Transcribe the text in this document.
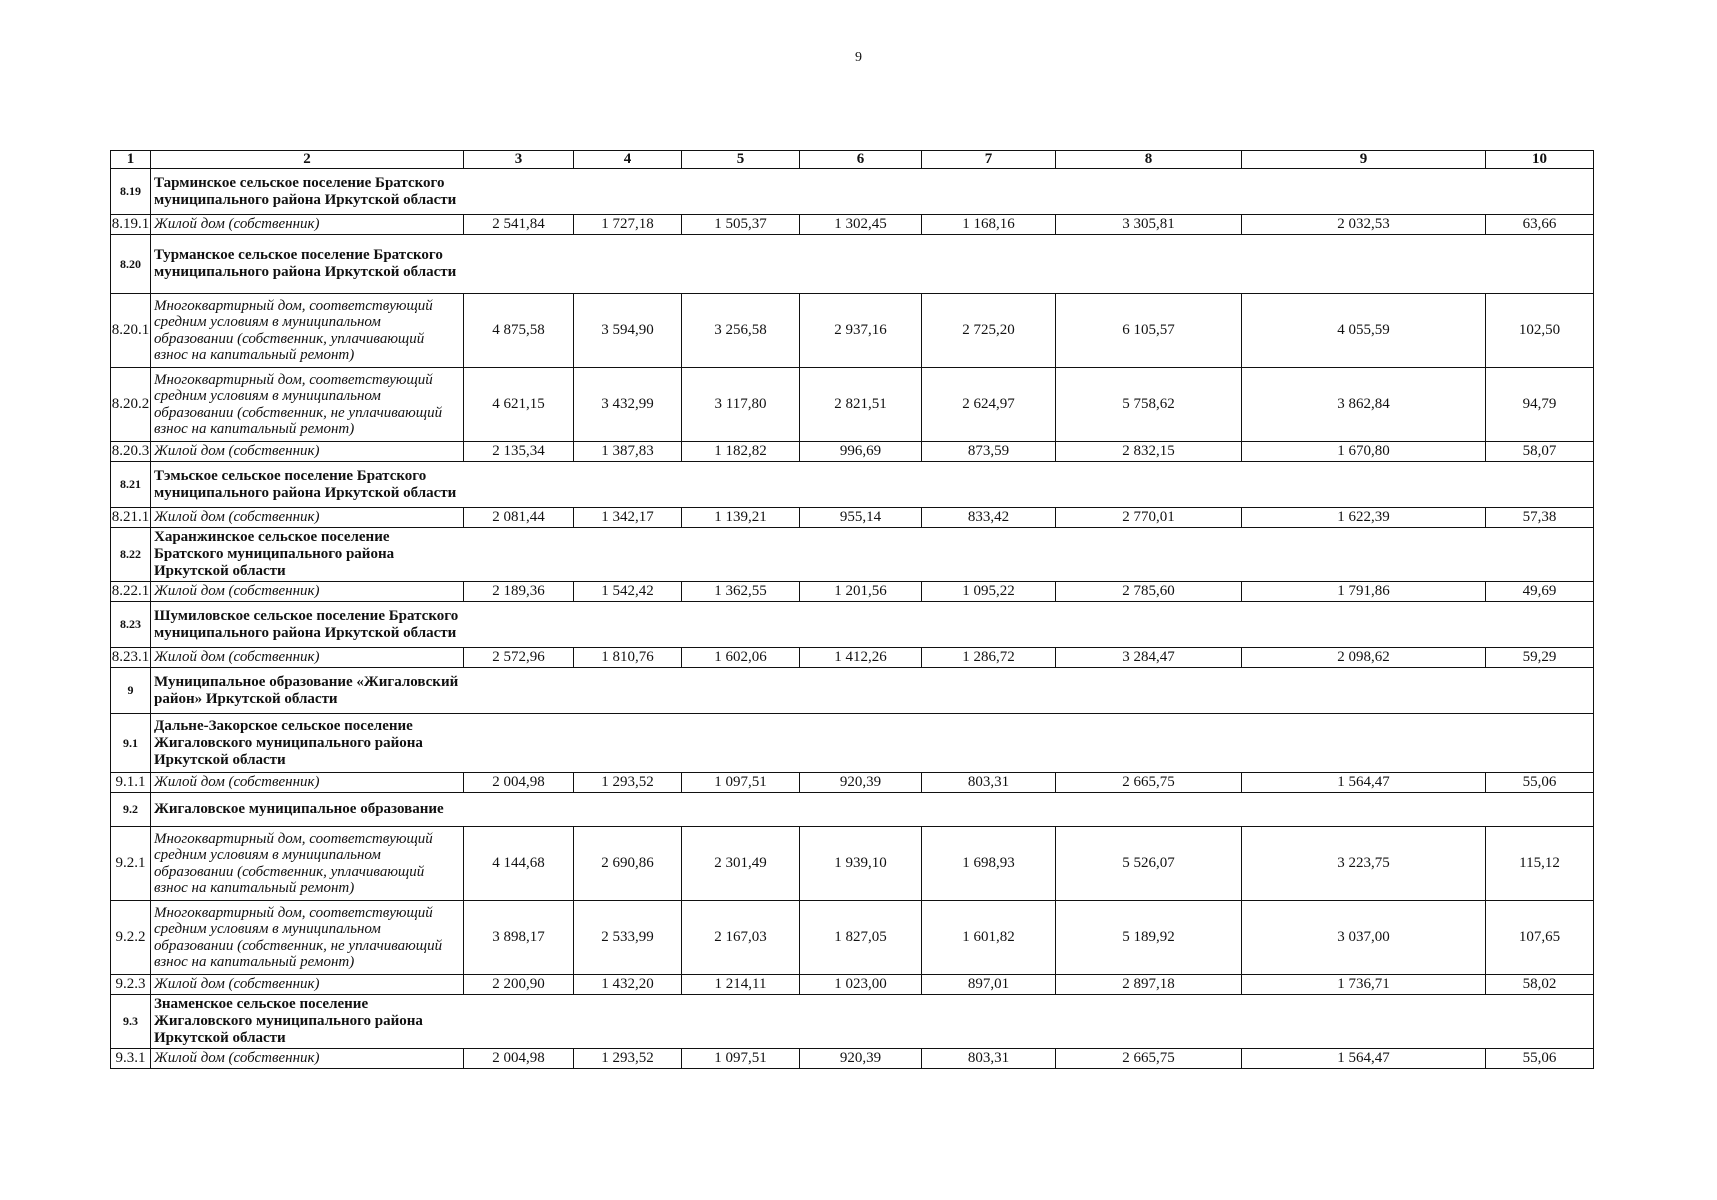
9
1	2	3	4	5	6	7	8	9	10
8.19	Тарминское сельское поселение Братского муниципального района Иркутской области								
8.19.1	Жилой дом (собственник)	2 541,84	1 727,18	1 505,37	1 302,45	1 168,16	3 305,81	2 032,53	63,66
8.20	Турманское сельское поселение Братского муниципального района Иркутской области								
8.20.1	Многоквартирный дом, соответствующий средним условиям в муниципальном образовании (собственник, уплачивающий взнос на капитальный ремонт)	4 875,58	3 594,90	3 256,58	2 937,16	2 725,20	6 105,57	4 055,59	102,50
8.20.2	Многоквартирный дом, соответствующий средним условиям в муниципальном образовании (собственник, не уплачивающий взнос на капитальный ремонт)	4 621,15	3 432,99	3 117,80	2 821,51	2 624,97	5 758,62	3 862,84	94,79
8.20.3	Жилой дом (собственник)	2 135,34	1 387,83	1 182,82	996,69	873,59	2 832,15	1 670,80	58,07
8.21	Тэмьское сельское поселение Братского муниципального района Иркутской области								
8.21.1	Жилой дом (собственник)	2 081,44	1 342,17	1 139,21	955,14	833,42	2 770,01	1 622,39	57,38
8.22	Харанжинское сельское поселение Братского муниципального района Иркутской области								
8.22.1	Жилой дом (собственник)	2 189,36	1 542,42	1 362,55	1 201,56	1 095,22	2 785,60	1 791,86	49,69
8.23	Шумиловское сельское поселение Братского муниципального района Иркутской области								
8.23.1	Жилой дом (собственник)	2 572,96	1 810,76	1 602,06	1 412,26	1 286,72	3 284,47	2 098,62	59,29
9	Муниципальное образование «Жигаловский район» Иркутской области								
9.1	Дальне-Закорское сельское поселение Жигаловского муниципального района Иркутской области								
9.1.1	Жилой дом (собственник)	2 004,98	1 293,52	1 097,51	920,39	803,31	2 665,75	1 564,47	55,06
9.2	Жигаловское муниципальное образование								
9.2.1	Многоквартирный дом, соответствующий средним условиям в муниципальном образовании (собственник, уплачивающий взнос на капитальный ремонт)	4 144,68	2 690,86	2 301,49	1 939,10	1 698,93	5 526,07	3 223,75	115,12
9.2.2	Многоквартирный дом, соответствующий средним условиям в муниципальном образовании (собственник, не уплачивающий взнос на капитальный ремонт)	3 898,17	2 533,99	2 167,03	1 827,05	1 601,82	5 189,92	3 037,00	107,65
9.2.3	Жилой дом (собственник)	2 200,90	1 432,20	1 214,11	1 023,00	897,01	2 897,18	1 736,71	58,02
9.3	Знаменское сельское поселение Жигаловского муниципального района Иркутской области								
9.3.1	Жилой дом (собственник)	2 004,98	1 293,52	1 097,51	920,39	803,31	2 665,75	1 564,47	55,06
